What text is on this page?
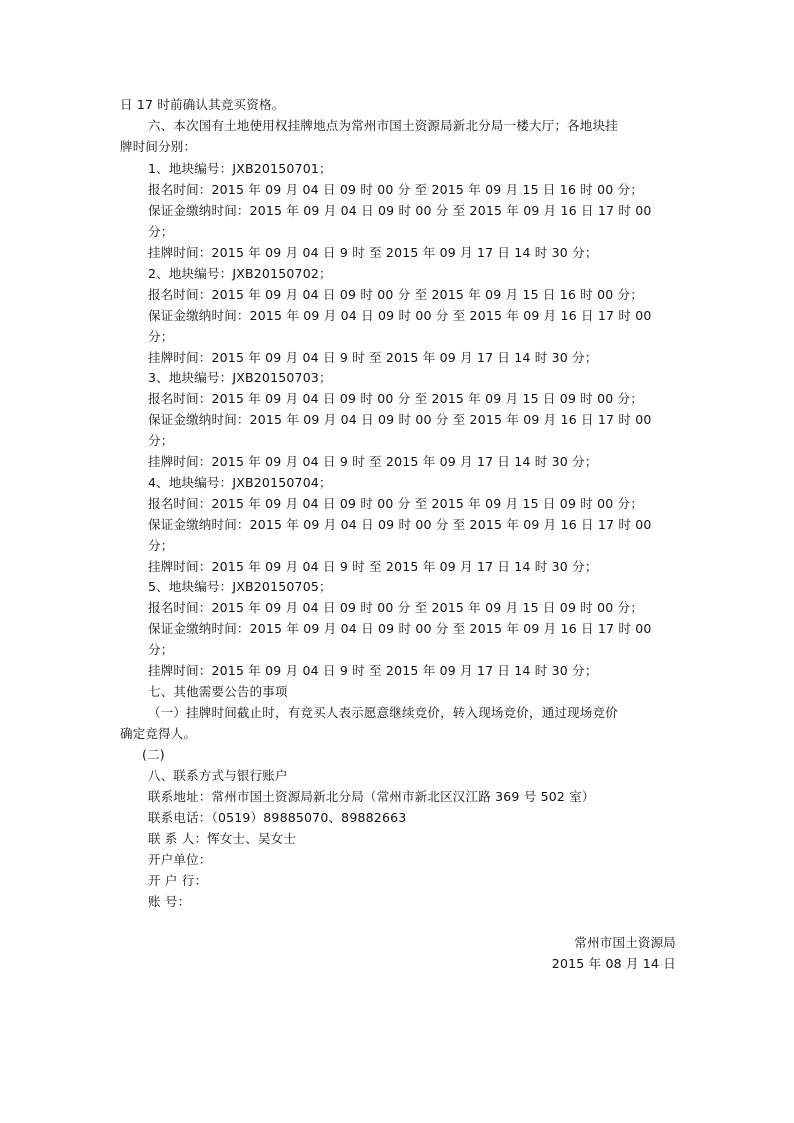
日 17 时前确认其竞买资格。
六、本次国有土地使用权挂牌地点为常州市国土资源局新北分局一楼大厅；各地块挂
牌时间分别：
1、地块编号：JXB20150701；
报名时间：2015 年 09 月 04 日 09 时 00 分 至 2015 年 09 月 15 日 16 时 00 分；
保证金缴纳时间：2015 年 09 月 04 日 09 时 00 分 至 2015 年 09 月 16 日 17 时 00
分；
挂牌时间：2015 年 09 月 04 日 9 时 至 2015 年 09 月 17 日 14 时 30 分；
2、地块编号：JXB20150702；
报名时间：2015 年 09 月 04 日 09 时 00 分 至 2015 年 09 月 15 日 16 时 00 分；
保证金缴纳时间：2015 年 09 月 04 日 09 时 00 分 至 2015 年 09 月 16 日 17 时 00
分；
挂牌时间：2015 年 09 月 04 日 9 时 至 2015 年 09 月 17 日 14 时 30 分；
3、地块编号：JXB20150703；
报名时间：2015 年 09 月 04 日 09 时 00 分 至 2015 年 09 月 15 日 09 时 00 分；
保证金缴纳时间：2015 年 09 月 04 日 09 时 00 分 至 2015 年 09 月 16 日 17 时 00
分；
挂牌时间：2015 年 09 月 04 日 9 时 至 2015 年 09 月 17 日 14 时 30 分；
4、地块编号：JXB20150704；
报名时间：2015 年 09 月 04 日 09 时 00 分 至 2015 年 09 月 15 日 09 时 00 分；
保证金缴纳时间：2015 年 09 月 04 日 09 时 00 分 至 2015 年 09 月 16 日 17 时 00
分；
挂牌时间：2015 年 09 月 04 日 9 时 至 2015 年 09 月 17 日 14 时 30 分；
5、地块编号：JXB20150705；
报名时间：2015 年 09 月 04 日 09 时 00 分 至 2015 年 09 月 15 日 09 时 00 分；
保证金缴纳时间：2015 年 09 月 04 日 09 时 00 分 至 2015 年 09 月 16 日 17 时 00
分；
挂牌时间：2015 年 09 月 04 日 9 时 至 2015 年 09 月 17 日 14 时 30 分；
七、其他需要公告的事项
（一）挂牌时间截止时，有竞买人表示愿意继续竞价，转入现场竞价，通过现场竞价
确定竞得人。
(二)
八、联系方式与银行账户
联系地址：常州市国土资源局新北分局（常州市新北区汉江路 369 号 502 室）
联系电话：（0519）89885070、89882663
联 系 人：恽女士、吴女士
开户单位：
开 户 行：
账 号：
常州市国土资源局
2015 年 08 月 14 日
